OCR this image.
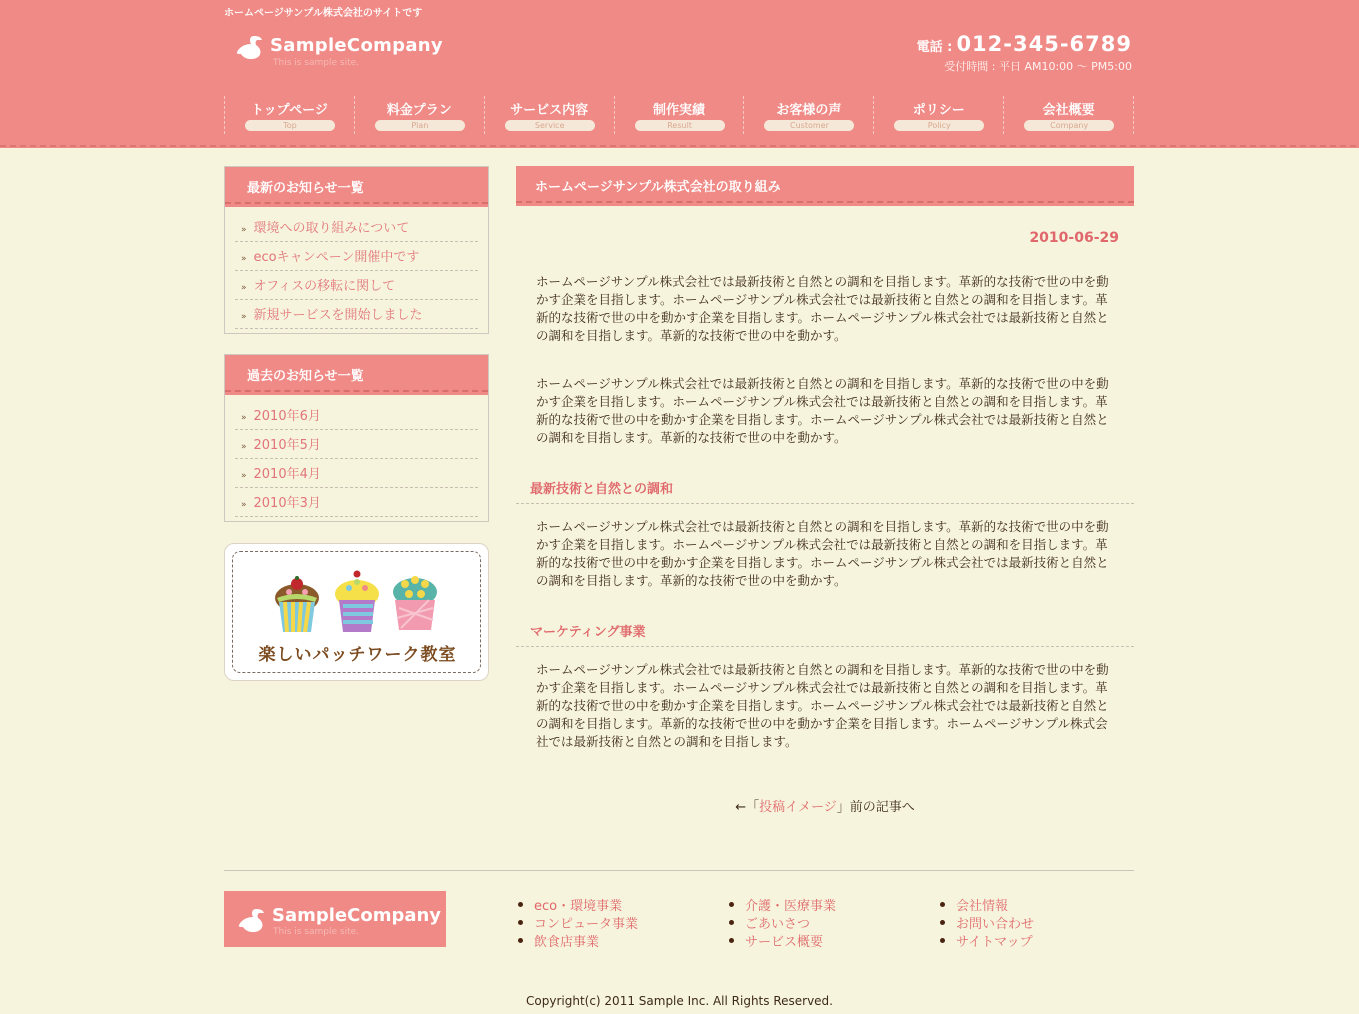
ホームページサンプル株式会社のサイトです
SampleCompany
This is sample site.
電話 : 012-345-6789
受付時間 : 平日 AM10:00 〜 PM5:00
トップページ
Top
料金プラン
Plan
サービス内容
Service
制作実績
Result
お客様の声
Customer
ポリシー
Policy
会社概要
Company
最新のお知らせ一覧
» 環境への取り組みについて
» ecoキャンペーン開催中です
» オフィスの移転に関して
» 新規サービスを開始しました
過去のお知らせ一覧
» 2010年6月
» 2010年5月
» 2010年4月
» 2010年3月
楽しいパッチワーク教室
ホームページサンプル株式会社の取り組み
2010-06-29
ホームページサンプル株式会社では最新技術と自然との調和を目指します。革新的な技術で世の中を動かす企業を目指します。ホームページサンプル株式会社では最新技術と自然との調和を目指します。革新的な技術で世の中を動かす企業を目指します。ホームページサンプル株式会社では最新技術と自然との調和を目指します。革新的な技術で世の中を動かす。
ホームページサンプル株式会社では最新技術と自然との調和を目指します。革新的な技術で世の中を動かす企業を目指します。ホームページサンプル株式会社では最新技術と自然との調和を目指します。革新的な技術で世の中を動かす企業を目指します。ホームページサンプル株式会社では最新技術と自然との調和を目指します。革新的な技術で世の中を動かす。
最新技術と自然との調和
ホームページサンプル株式会社では最新技術と自然との調和を目指します。革新的な技術で世の中を動かす企業を目指します。ホームページサンプル株式会社では最新技術と自然との調和を目指します。革新的な技術で世の中を動かす企業を目指します。ホームページサンプル株式会社では最新技術と自然との調和を目指します。革新的な技術で世の中を動かす。
マーケティング事業
ホームページサンプル株式会社では最新技術と自然との調和を目指します。革新的な技術で世の中を動かす企業を目指します。ホームページサンプル株式会社では最新技術と自然との調和を目指します。革新的な技術で世の中を動かす企業を目指します。ホームページサンプル株式会社では最新技術と自然との調和を目指します。革新的な技術で世の中を動かす企業を目指します。ホームページサンプル株式会社では最新技術と自然との調和を目指します。
←「投稿イメージ」前の記事へ
SampleCompany
This is sample site.
eco・環境事業
コンピュータ事業
飲食店事業
介護・医療事業
ごあいさつ
サービス概要
会社情報
お問い合わせ
サイトマップ
Copyright(c) 2011 Sample Inc. All Rights Reserved.
